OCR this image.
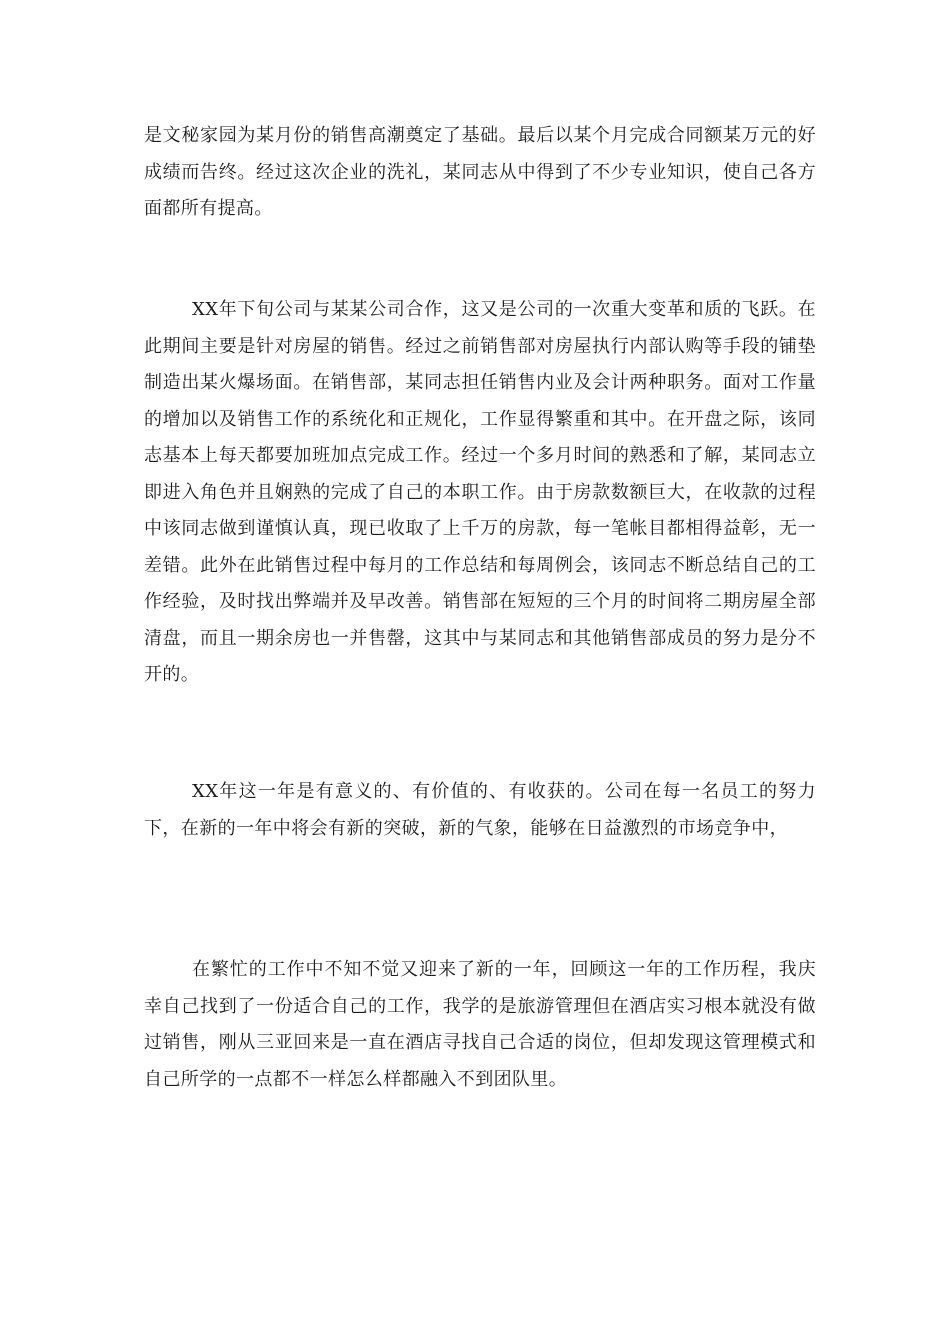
是文秘家园为某月份的销售高潮奠定了基础。最后以某个月完成合同额某万元的好成绩而告终。经过这次企业的洗礼，某同志从中得到了不少专业知识，使自己各方面都所有提高。

XX年下旬公司与某某公司合作，这又是公司的一次重大变革和质的飞跃。在此期间主要是针对房屋的销售。经过之前销售部对房屋执行内部认购等手段的铺垫制造出某火爆场面。在销售部，某同志担任销售内业及会计两种职务。面对工作量的增加以及销售工作的系统化和正规化，工作显得繁重和其中。在开盘之际，该同志基本上每天都要加班加点完成工作。经过一个多月时间的熟悉和了解，某同志立即进入角色并且娴熟的完成了自己的本职工作。由于房款数额巨大，在收款的过程中该同志做到谨慎认真，现已收取了上千万的房款，每一笔帐目都相得益彰，无一差错。此外在此销售过程中每月的工作总结和每周例会，该同志不断总结自己的工作经验，及时找出弊端并及早改善。销售部在短短的三个月的时间将二期房屋全部清盘，而且一期余房也一并售罄，这其中与某同志和其他销售部成员的努力是分不开的。

XX年这一年是有意义的、有价值的、有收获的。公司在每一名员工的努力下，在新的一年中将会有新的突破，新的气象，能够在日益激烈的市场竞争中，

在繁忙的工作中不知不觉又迎来了新的一年，回顾这一年的工作历程，我庆幸自己找到了一份适合自己的工作，我学的是旅游管理但在酒店实习根本就没有做过销售，刚从三亚回来是一直在酒店寻找自己合适的岗位，但却发现这管理模式和自己所学的一点都不一样怎么样都融入不到团队里。
